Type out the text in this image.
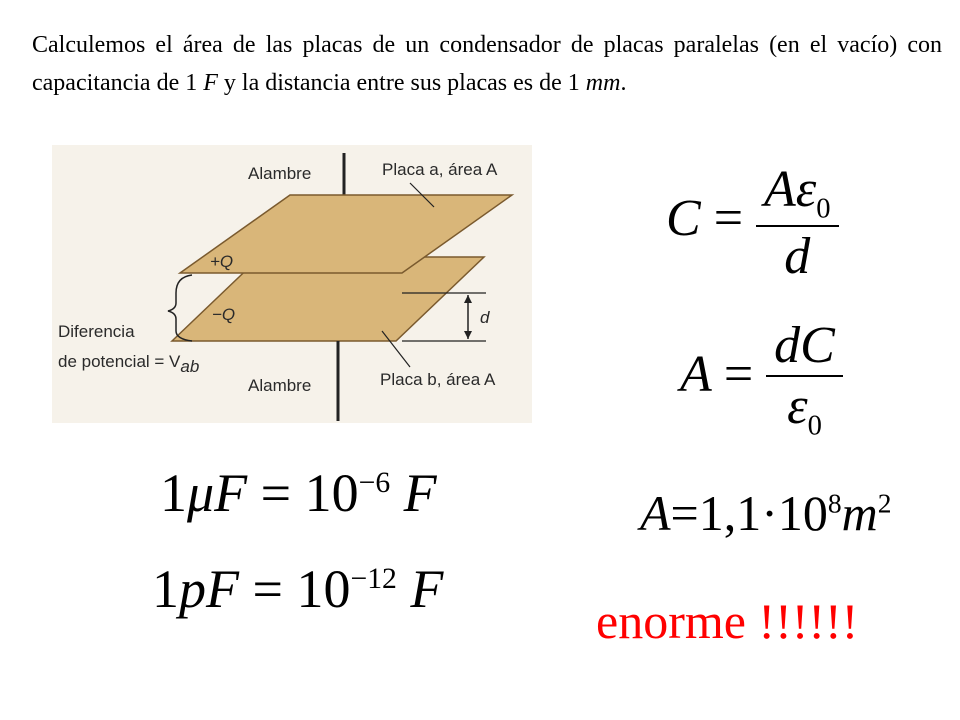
Calculemos el área de las placas de un condensador de placas paralelas (en el vacío) con capacitancia de 1 F y la distancia entre sus placas es de 1 mm.
Alambre	Placa a, área A
+Q
−Q	d
Diferencia
de potencial = Vab
Alambre	Placa b, área A
$C = \frac{A\varepsilon_0}{d}$
$A = \frac{dC}{\varepsilon_0}$
$1\mu F = 10^{-6}$ F
$1pF = 10^{-12}$ F
$A=1,1\cdot 10^8m^2$
enorme !!!!!!
